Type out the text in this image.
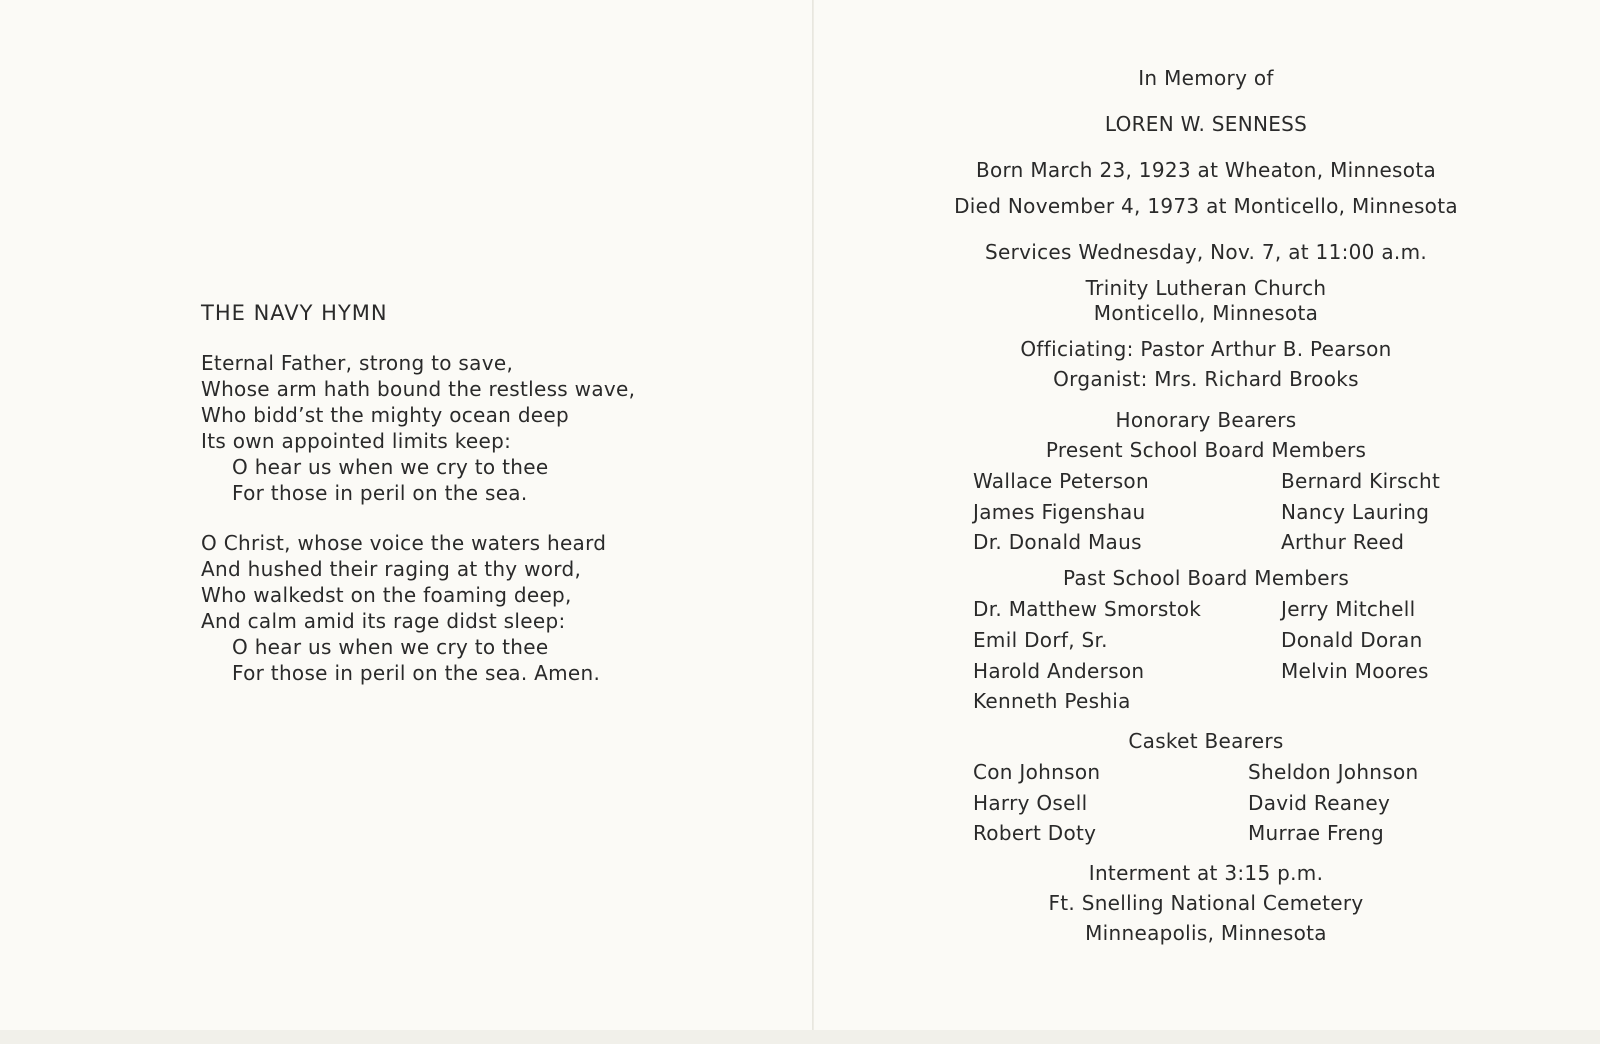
THE NAVY HYMN
Eternal Father, strong to save,
Whose arm hath bound the restless wave,
Who bidd’st the mighty ocean deep
Its own appointed limits keep:
O hear us when we cry to thee
For those in peril on the sea.
O Christ, whose voice the waters heard
And hushed their raging at thy word,
Who walkedst on the foaming deep,
And calm amid its rage didst sleep:
O hear us when we cry to thee
For those in peril on the sea. Amen.
In Memory of
LOREN W. SENNESS
Born March 23, 1923 at Wheaton, Minnesota
Died November 4, 1973 at Monticello, Minnesota
Services Wednesday, Nov. 7, at 11:00 a.m.
Trinity Lutheran Church
Monticello, Minnesota
Officiating: Pastor Arthur B. Pearson
Organist: Mrs. Richard Brooks
Honorary Bearers
Present School Board Members
Wallace Peterson
James Figenshau
Dr. Donald Maus
Bernard Kirscht
Nancy Lauring
Arthur Reed
Past School Board Members
Dr. Matthew Smorstok
Emil Dorf, Sr.
Harold Anderson
Kenneth Peshia
Jerry Mitchell
Donald Doran
Melvin Moores
Casket Bearers
Con Johnson
Harry Osell
Robert Doty
Sheldon Johnson
David Reaney
Murrae Freng
Interment at 3:15 p.m.
Ft. Snelling National Cemetery
Minneapolis, Minnesota
